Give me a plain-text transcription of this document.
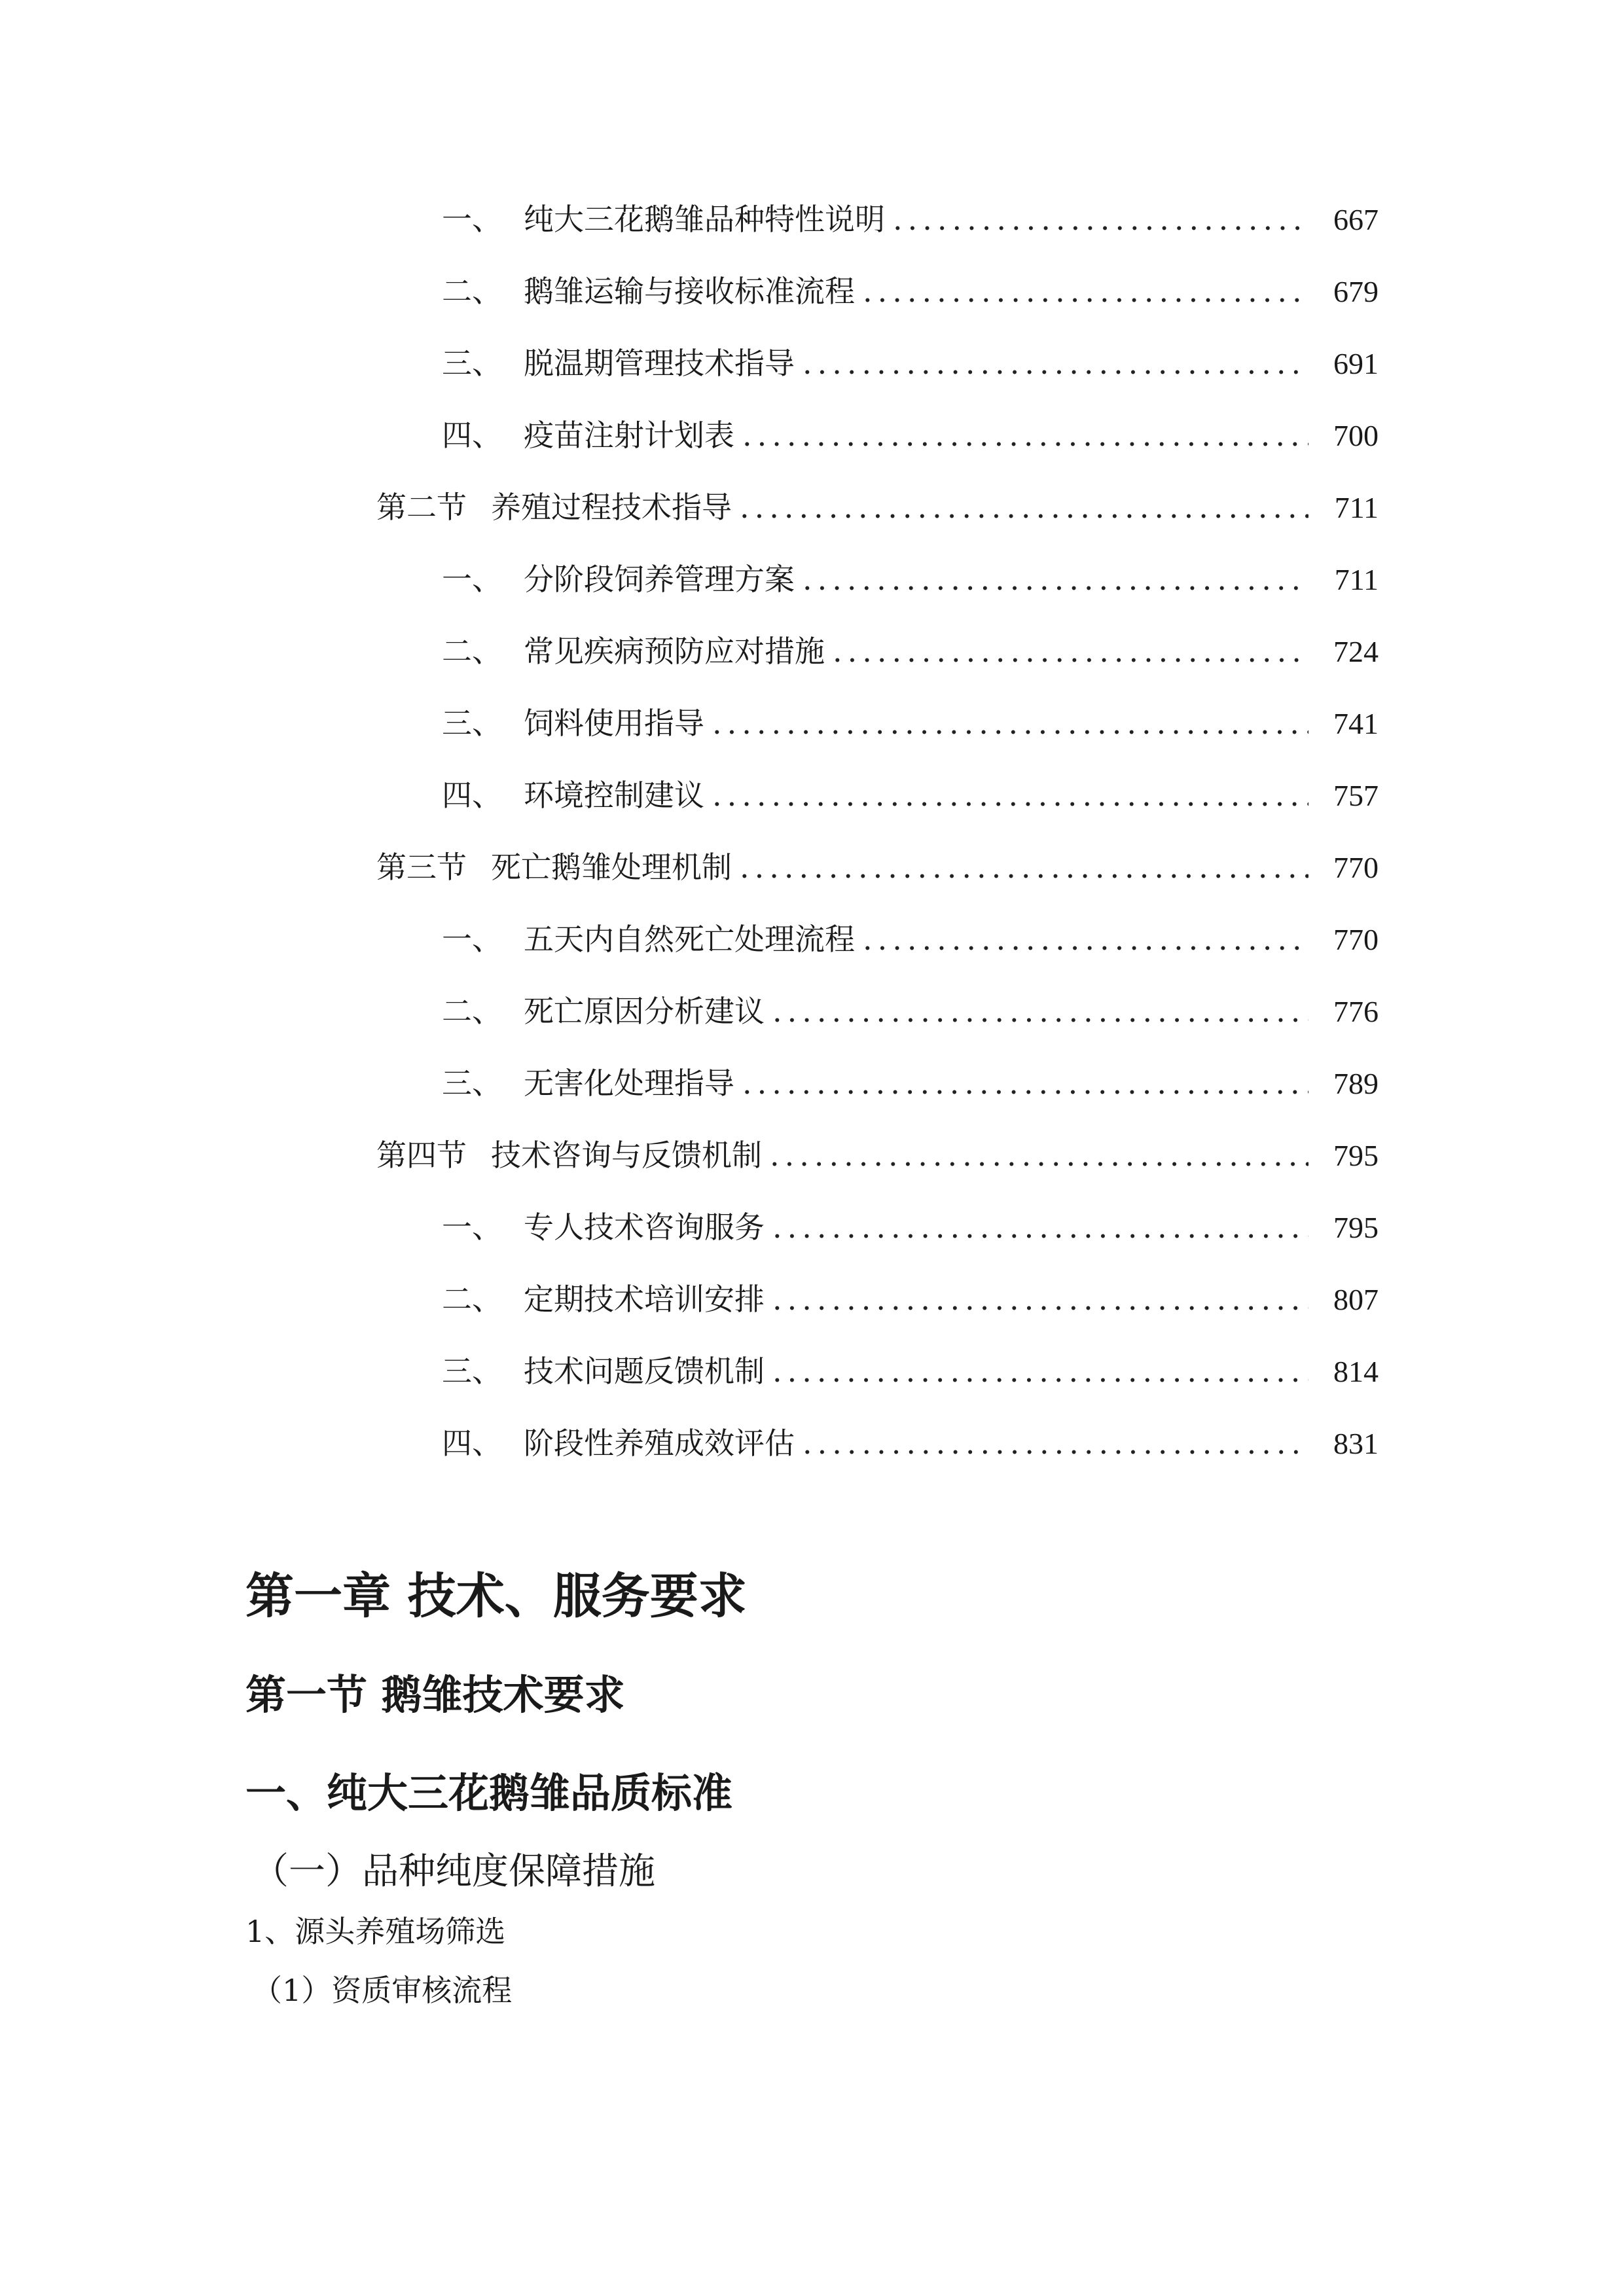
一、 纯大三花鹅雏品种特性说明 .....	667
二、 鹅雏运输与接收标准流程 .....	679
三、 脱温期管理技术指导 .....	691
四、 疫苗注射计划表 .....	700
第二节 养殖过程技术指导 .....	711
一、 分阶段饲养管理方案 .....	711
二、 常见疾病预防应对措施 .....	724
三、 饲料使用指导 .....	741
四、 环境控制建议 .....	757
第三节 死亡鹅雏处理机制 .....	770
一、 五天内自然死亡处理流程 .....	770
二、 死亡原因分析建议 .....	776
三、 无害化处理指导 .....	789
第四节 技术咨询与反馈机制 .....	795
一、 专人技术咨询服务 .....	795
二、 定期技术培训安排 .....	807
三、 技术问题反馈机制 .....	814
四、 阶段性养殖成效评估 .....	831
第一章 技术、服务要求
第一节 鹅雏技术要求
一、纯大三花鹅雏品质标准
（一）品种纯度保障措施
1、源头养殖场筛选
（1）资质审核流程
